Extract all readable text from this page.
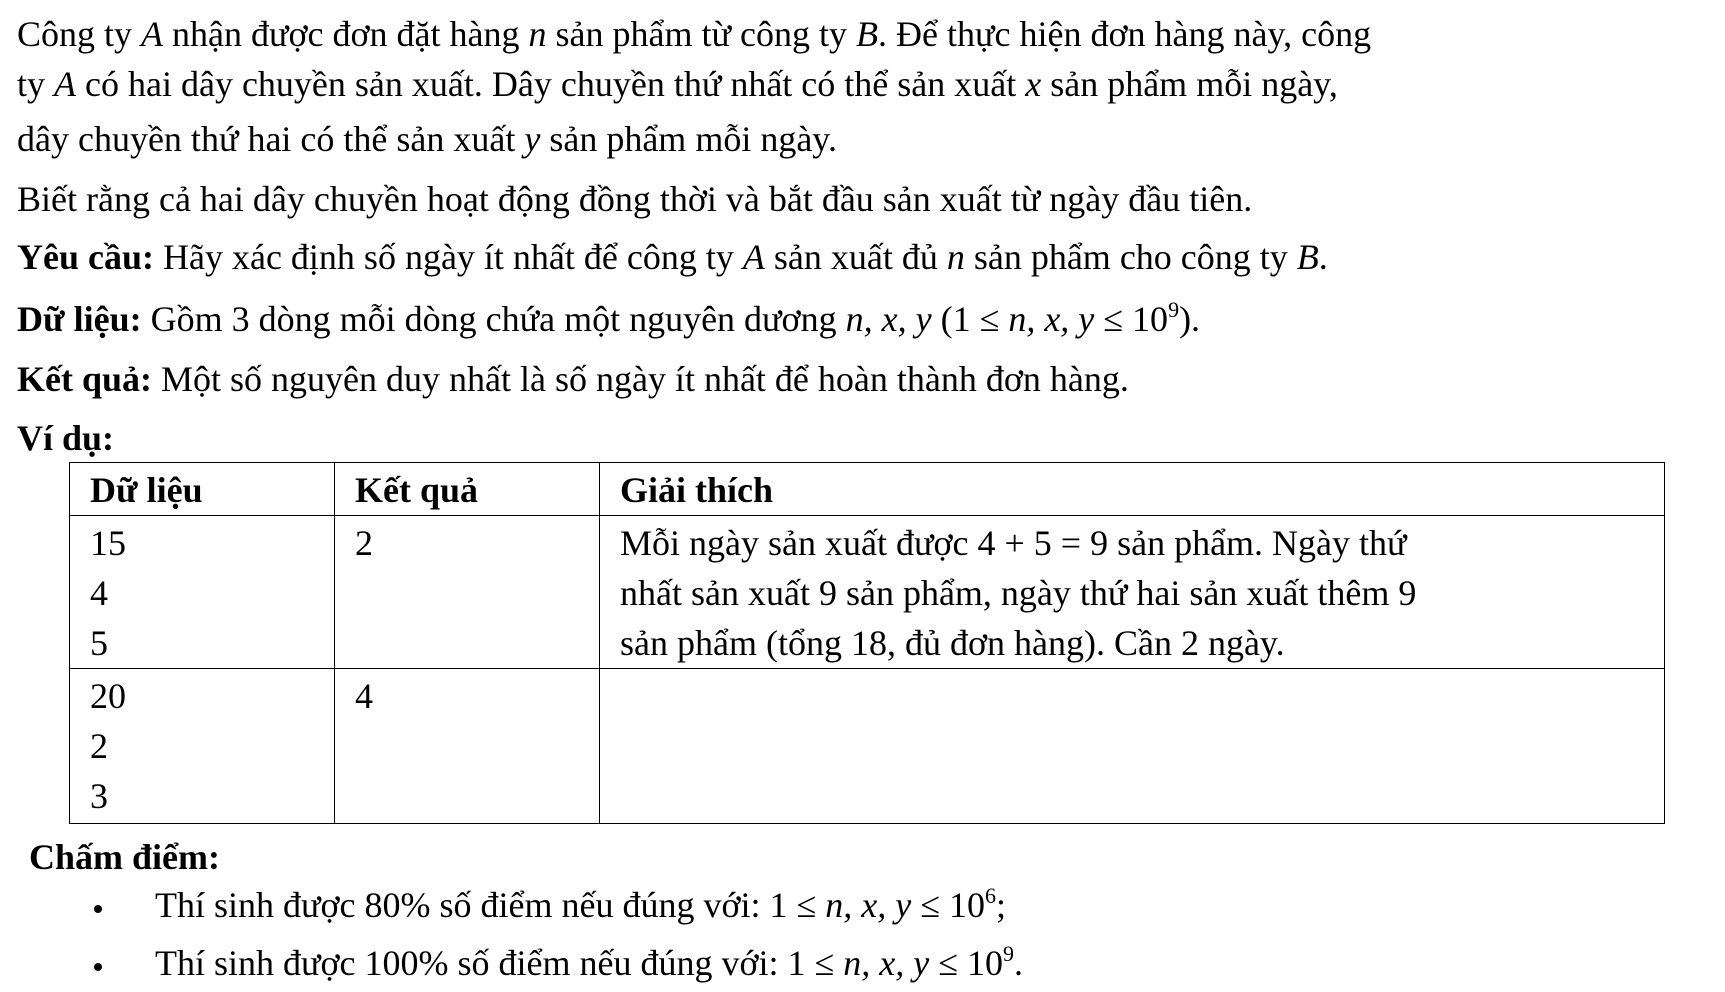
Công ty A nhận được đơn đặt hàng n sản phẩm từ công ty B. Để thực hiện đơn hàng này, công

ty A có hai dây chuyền sản xuất. Dây chuyền thứ nhất có thể sản xuất x sản phẩm mỗi ngày,

dây chuyền thứ hai có thể sản xuất y sản phẩm mỗi ngày.

Biết rằng cả hai dây chuyền hoạt động đồng thời và bắt đầu sản xuất từ ngày đầu tiên.

Yêu cầu: Hãy xác định số ngày ít nhất để công ty A sản xuất đủ n sản phẩm cho công ty B.

Dữ liệu: Gồm 3 dòng mỗi dòng chứa một nguyên dương n, x, y (1 ≤ n, x, $y \le 10^9$).

Kết quả: Một số nguyên duy nhất là số ngày ít nhất để hoàn thành đơn hàng.

Ví dụ:
Dữ liệu	Kết quả	Giải thích

15
4
5	2	Mỗi ngày sản xuất được 4 + 5 = 9 sản phẩm. Ngày thứ
nhất sản xuất 9 sản phẩm, ngày thứ hai sản xuất thêm 9
sản phẩm (tổng 18, đủ đơn hàng). Cần 2 ngày.

20
2
3	4	
Chấm điểm:
Thí sinh được 80% số điểm nếu đúng với: 1 ≤ n, x, $y \le 10^6$;
Thí sinh được 100% số điểm nếu đúng với: 1 ≤ n, x, $y \le 10^9$.
